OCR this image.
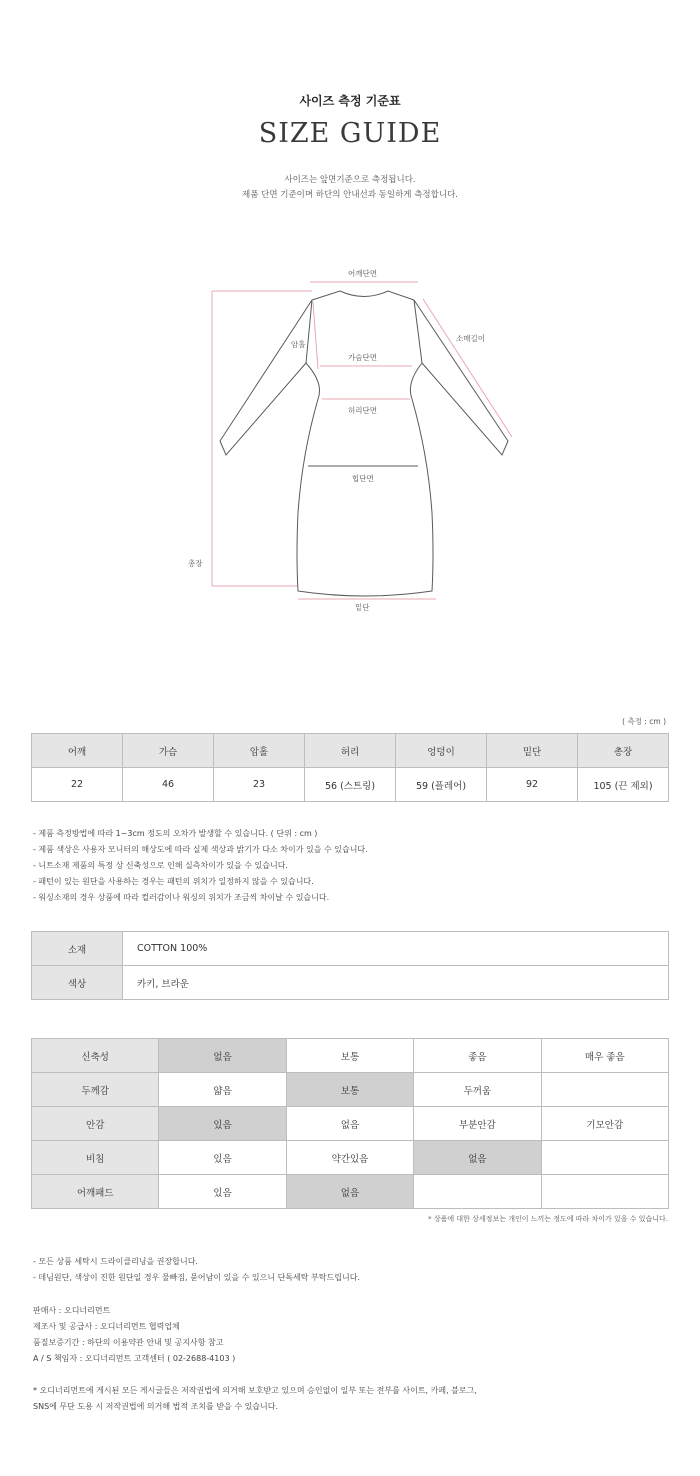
사이즈 측정 기준표
SIZE GUIDE
사이즈는 앞면기준으로 측정됩니다.
제품 단면 기준이며 하단의 안내선과 동일하게 측정합니다.
어깨단면
암홀
소매길이
가슴단면
허리단면
힙단면
총장
밑단
( 측정 : cm )
어깨	가슴	암홀	허리	엉덩이	밑단	총장
22	46	23	56 (스트링)	59 (플레어)	92	105 (끈 제외)
- 제품 측정방법에 따라 1~3cm 정도의 오차가 발생할 수 있습니다. ( 단위 : cm )
- 제품 색상은 사용자 모니터의 해상도에 따라 실제 색상과 밝기가 다소 차이가 있을 수 있습니다.
- 니트소재 제품의 특정 상 신축성으로 인해 실측차이가 있을 수 있습니다.
- 패턴이 있는 원단을 사용하는 경우는 패턴의 위치가 일정하지 않을 수 있습니다.
- 워싱소재의 경우 상품에 따라 컬러감이나 워싱의 위치가 조금씩 차이날 수 있습니다.
소재	COTTON 100%
색상	카키, 브라운
신축성	없음	보통	좋음	매우 좋음
두께감	얇음	보통	두꺼움	
안감	있음	없음	부분안감	기모안감
비침	있음	약간있음	없음	
어깨패드	있음	없음		
* 상품에 대한 상세정보는 개인이 느끼는 정도에 따라 차이가 있을 수 있습니다.
- 모든 상품 세탁시 드라이클리닝을 권장합니다.
- 데님원단, 색상이 진한 원단일 경우 물빠짐, 묻어남이 있을 수 있으니 단독세탁 부탁드립니다.
판매사 : 오디너리먼트
제조사 및 공급사 : 오디너리먼트 협력업체
품질보증기간 : 하단의 이용약관 안내 및 공지사항 참고
A / S 책임자 : 오디너리먼트 고객센터 ( 02-2688-4103 )
* 오디너리먼트에 게시된 모든 게시글들은 저작권법에 의거해 보호받고 있으며 승인없이 일부 또는 전부를 사이트, 카페, 블로그,
SNS에 무단 도용 시 저작권법에 의거해 법적 조치를 받을 수 있습니다.
